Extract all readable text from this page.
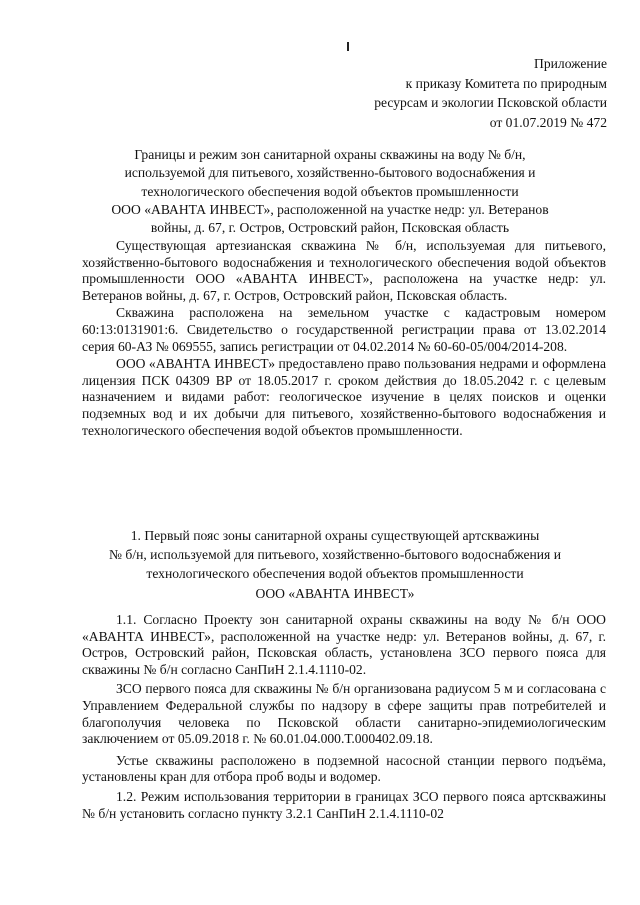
Приложение
к приказу Комитета по природным
ресурсам и экологии Псковской области
от 01.07.2019 № 472
Границы и режим зон санитарной охраны скважины на воду № б/н,
используемой для питьевого, хозяйственно-бытового водоснабжения и
технологического обеспечения водой объектов промышленности
ООО «АВАНТА ИНВЕСТ», расположенной на участке недр: ул. Ветеранов
войны, д. 67, г. Остров, Островский район, Псковская область

Существующая артезианская скважина № б/н, используемая для питьевого, хозяйственно-бытового водоснабжения и технологического обеспечения водой объектов промышленности ООО «АВАНТА ИНВЕСТ», расположена на участке недр: ул. Ветеранов войны, д. 67, г. Остров, Островский район, Псковская область.

Скважина расположена на земельном участке с кадастровым номером 60:13:0131901:6. Свидетельство о государственной регистрации права от 13.02.2014 серия 60-АЗ № 069555, запись регистрации от 04.02.2014 № 60-60-05/004/2014-208.

ООО «АВАНТА ИНВЕСТ» предоставлено право пользования недрами и оформлена лицензия ПСК 04309 ВР от 18.05.2017 г. сроком действия до 18.05.2042 г. с целевым назначением и видами работ: геологическое изучение в целях поисков и оценки подземных вод и их добычи для питьевого, хозяйственно-бытового водоснабжения и технологического обеспечения водой объектов промышленности.

1. Первый пояс зоны санитарной охраны существующей артскважины
№ б/н, используемой для питьевого, хозяйственно-бытового водоснабжения и
технологического обеспечения водой объектов промышленности
ООО «АВАНТА ИНВЕСТ»

1.1. Согласно Проекту зон санитарной охраны скважины на воду № б/н ООО «АВАНТА ИНВЕСТ», расположенной на участке недр: ул. Ветеранов войны, д. 67, г. Остров, Островский район, Псковская область, установлена ЗСО первого пояса для скважины № б/н согласно СанПиН 2.1.4.1110-02.

ЗСО первого пояса для скважины № б/н организована радиусом 5 м и согласована с Управлением Федеральной службы по надзору в сфере защиты прав потребителей и благополучия человека по Псковской области санитарно-эпидемиологическим заключением от 05.09.2018 г. № 60.01.04.000.Т.000402.09.18.

Устье скважины расположено в подземной насосной станции первого подъёма, установлены кран для отбора проб воды и водомер.

1.2. Режим использования территории в границах ЗСО первого пояса артскважины № б/н установить согласно пункту 3.2.1 СанПиН 2.1.4.1110-02
